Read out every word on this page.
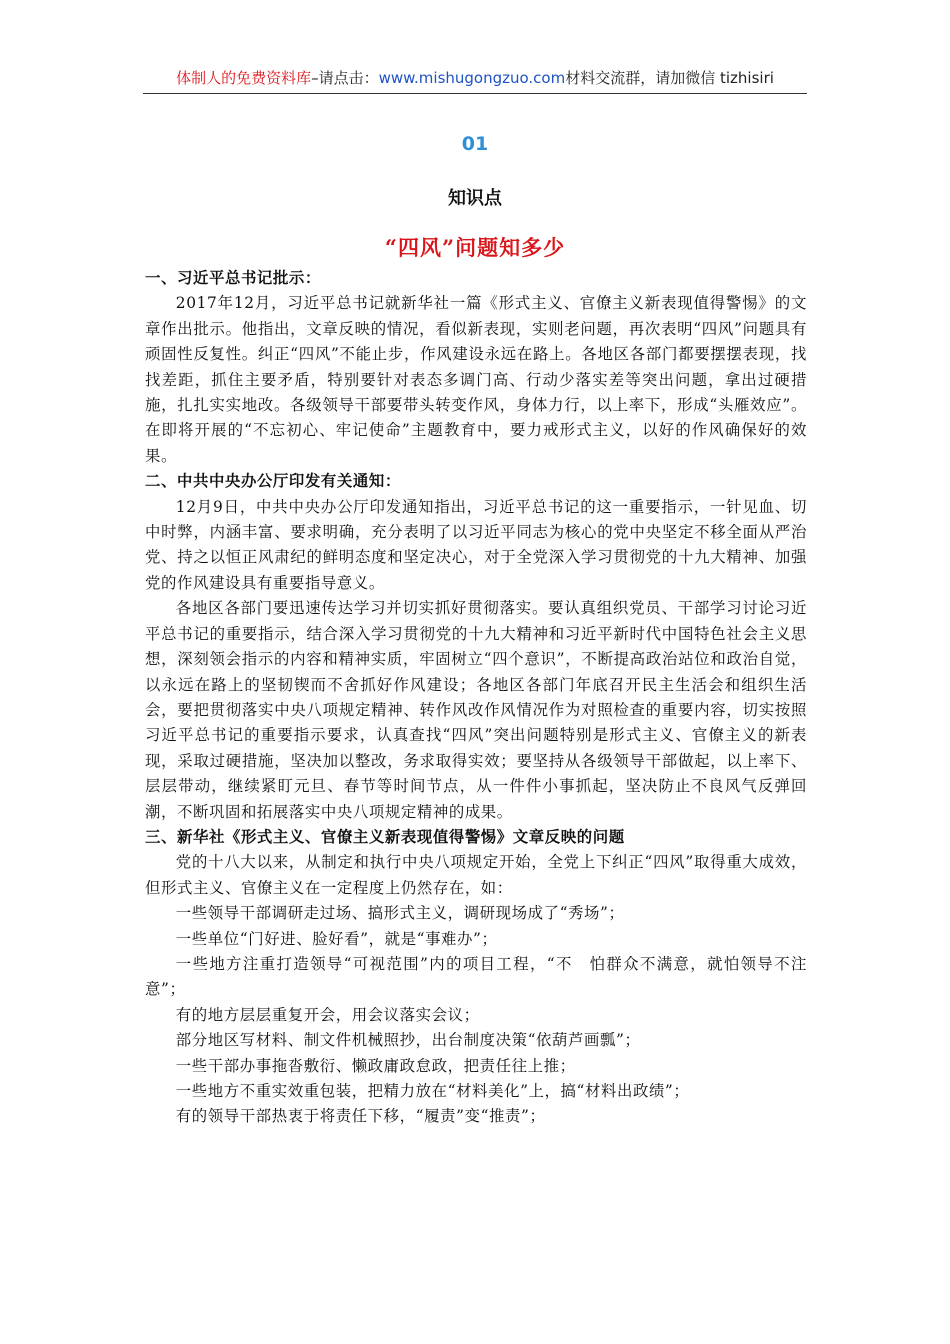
体制人的免费资料库–请点击：www.mishugongzuo.com材料交流群，请加微信 tizhisiri
01
知识点
“四风”问题知多少

一、习近平总书记批示：

2017年12月，习近平总书记就新华社一篇《形式主义、官僚主义新表现值得警惕》的文章作出批示。他指出，文章反映的情况，看似新表现，实则老问题，再次表明“四风”问题具有顽固性反复性。纠正“四风”不能止步，作风建设永远在路上。各地区各部门都要摆摆表现，找找差距，抓住主要矛盾，特别要针对表态多调门高、行动少落实差等突出问题，拿出过硬措施，扎扎实实地改。各级领导干部要带头转变作风，身体力行，以上率下，形成“头雁效应”。在即将开展的“不忘初心、牢记使命”主题教育中，要力戒形式主义，以好的作风确保好的效果。

二、中共中央办公厅印发有关通知：

12月9日，中共中央办公厅印发通知指出，习近平总书记的这一重要指示，一针见血、切中时弊，内涵丰富、要求明确，充分表明了以习近平同志为核心的党中央坚定不移全面从严治党、持之以恒正风肃纪的鲜明态度和坚定决心，对于全党深入学习贯彻党的十九大精神、加强党的作风建设具有重要指导意义。

各地区各部门要迅速传达学习并切实抓好贯彻落实。要认真组织党员、干部学习讨论习近平总书记的重要指示，结合深入学习贯彻党的十九大精神和习近平新时代中国特色社会主义思想，深刻领会指示的内容和精神实质，牢固树立“四个意识”，不断提高政治站位和政治自觉，以永远在路上的坚韧锲而不舍抓好作风建设；各地区各部门年底召开民主生活会和组织生活会，要把贯彻落实中央八项规定精神、转作风改作风情况作为对照检查的重要内容，切实按照习近平总书记的重要指示要求，认真查找“四风”突出问题特别是形式主义、官僚主义的新表现，采取过硬措施，坚决加以整改，务求取得实效；要坚持从各级领导干部做起，以上率下、层层带动，继续紧盯元旦、春节等时间节点，从一件件小事抓起，坚决防止不良风气反弹回潮，不断巩固和拓展落实中央八项规定精神的成果。

三、新华社《形式主义、官僚主义新表现值得警惕》文章反映的问题

党的十八大以来，从制定和执行中央八项规定开始，全党上下纠正“四风”取得重大成效，但形式主义、官僚主义在一定程度上仍然存在，如：

一些领导干部调研走过场、搞形式主义，调研现场成了“秀场”；

一些单位“门好进、脸好看”，就是“事难办”；

一些地方注重打造领导“可视范围”内的项目工程，“不　怕群众不满意，就怕领导不注意”；

有的地方层层重复开会，用会议落实会议；

部分地区写材料、制文件机械照抄，出台制度决策“依葫芦画瓢”；

一些干部办事拖沓敷衍、懒政庸政怠政，把责任往上推；

一些地方不重实效重包装，把精力放在“材料美化”上，搞“材料出政绩”；

有的领导干部热衷于将责任下移，“履责”变“推责”；
